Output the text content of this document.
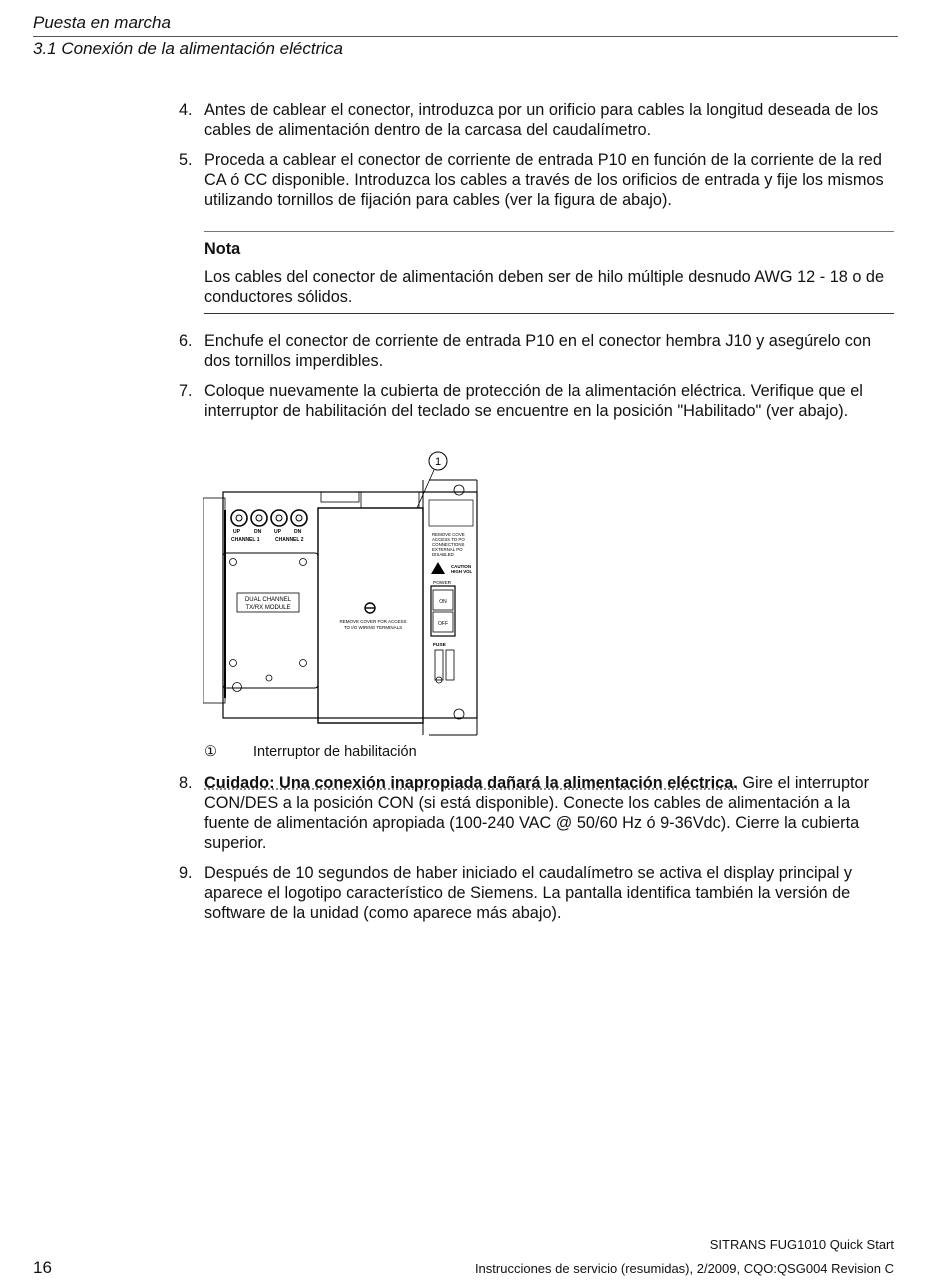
Puesta en marcha
3.1 Conexión de la alimentación eléctrica
4. Antes de cablear el conector, introduzca por un orificio para cables la longitud deseada de los cables de alimentación dentro de la carcasa del caudalímetro.
5. Proceda a cablear el conector de corriente de entrada P10 en función de la corriente de la red CA ó CC disponible. Introduzca los cables a través de los orificios de entrada y fije los mismos utilizando tornillos de fijación para cables (ver la figura de abajo).
Nota
Los cables del conector de alimentación deben ser de hilo múltiple desnudo AWG 12 - 18 o de conductores sólidos.
6. Enchufe el conector de corriente de entrada P10 en el conector hembra J10 y asegúrelo con dos tornillos imperdibles.
7. Coloque nuevamente la cubierta de protección de la alimentación eléctrica. Verifique que el interruptor de habilitación del teclado se encuentre en la posición "Habilitado" (ver abajo).
1
UP	DN	UP	DN
CHANNEL 1	CHANNEL 2
DUAL CHANNEL
TX/RX MODULE
REMOVE COVER FOR ACCESS
TO I/O WIRING TERMINALS
REMOVE COVE
ACCESS TO PO
CONNECTIONS
EXTERNAL PO
DISABLED
CAUTION
HIGH VOL
POWER
ON
OFF
FUSE
① Interruptor de habilitación
8. Cuidado: Una conexión inapropiada dañará la alimentación eléctrica. Gire el interruptor CON/DES a la posición CON (si está disponible). Conecte los cables de alimentación a la fuente de alimentación apropiada (100-240 VAC @ 50/60 Hz ó 9-36Vdc). Cierre la cubierta superior.
9. Después de 10 segundos de haber iniciado el caudalímetro se activa el display principal y aparece el logotipo característico de Siemens. La pantalla identifica también la versión de software de la unidad (como aparece más abajo).
SITRANS FUG1010 Quick Start
16	Instrucciones de servicio (resumidas), 2/2009, CQO:QSG004 Revision C
